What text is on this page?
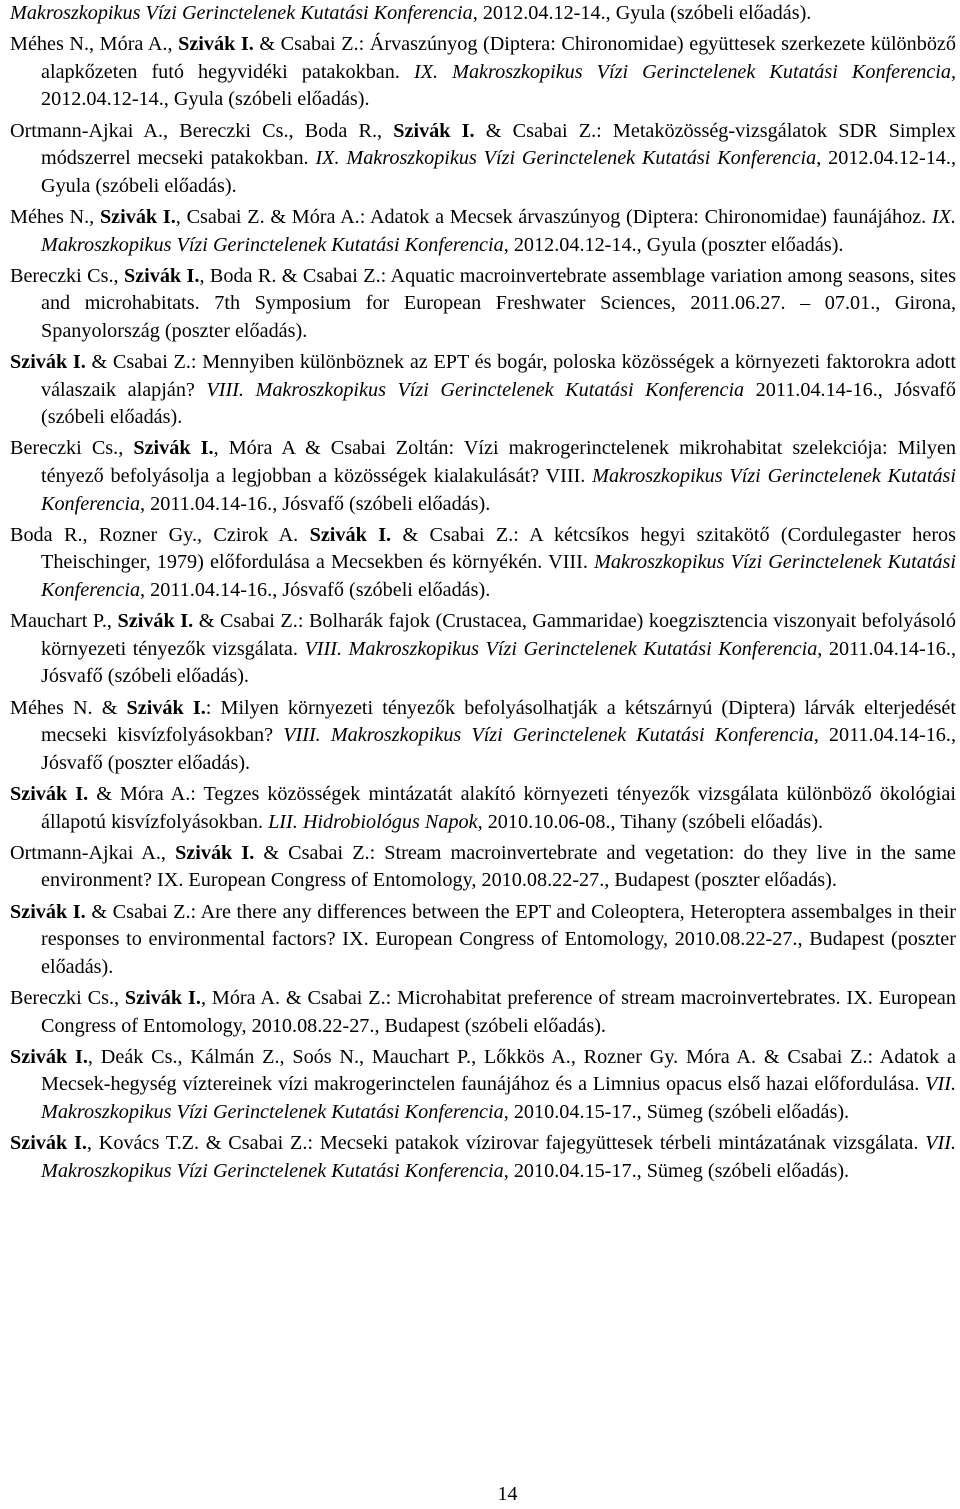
Makroszkopikus Vízi Gerinctelenek Kutatási Konferencia, 2012.04.12-14., Gyula (szóbeli előadás).

Méhes N., Móra A., Szivák I. & Csabai Z.: Árvaszúnyog (Diptera: Chironomidae) együttesek szerkezete különböző alapkőzeten futó hegyvidéki patakokban. IX. Makroszkopikus Vízi Gerinctelenek Kutatási Konferencia, 2012.04.12-14., Gyula (szóbeli előadás).

Ortmann-Ajkai A., Bereczki Cs., Boda R., Szivák I. & Csabai Z.: Metaközösség-vizsgálatok SDR Simplex módszerrel mecseki patakokban. IX. Makroszkopikus Vízi Gerinctelenek Kutatási Konferencia, 2012.04.12-14., Gyula (szóbeli előadás).

Méhes N., Szivák I., Csabai Z. & Móra A.: Adatok a Mecsek árvaszúnyog (Diptera: Chironomidae) faunájához. IX. Makroszkopikus Vízi Gerinctelenek Kutatási Konferencia, 2012.04.12-14., Gyula (poszter előadás).

Bereczki Cs., Szivák I., Boda R. & Csabai Z.: Aquatic macroinvertebrate assemblage variation among seasons, sites and microhabitats. 7th Symposium for European Freshwater Sciences, 2011.06.27. – 07.01., Girona, Spanyolország (poszter előadás).

Szivák I. & Csabai Z.: Mennyiben különböznek az EPT és bogár, poloska közösségek a környezeti faktorokra adott válaszaik alapján? VIII. Makroszkopikus Vízi Gerinctelenek Kutatási Konferencia 2011.04.14-16., Jósvafő (szóbeli előadás).

Bereczki Cs., Szivák I., Móra A & Csabai Zoltán: Vízi makrogerinctelenek mikrohabitat szelekciója: Milyen tényező befolyásolja a legjobban a közösségek kialakulását? VIII. Makroszkopikus Vízi Gerinctelenek Kutatási Konferencia, 2011.04.14-16., Jósvafő (szóbeli előadás).

Boda R., Rozner Gy., Czirok A. Szivák I. & Csabai Z.: A kétcsíkos hegyi szitakötő (Cordulegaster heros Theischinger, 1979) előfordulása a Mecsekben és környékén. VIII. Makroszkopikus Vízi Gerinctelenek Kutatási Konferencia, 2011.04.14-16., Jósvafő (szóbeli előadás).

Mauchart P., Szivák I. & Csabai Z.: Bolharák fajok (Crustacea, Gammaridae) koegzisztencia viszonyait befolyásoló környezeti tényezők vizsgálata. VIII. Makroszkopikus Vízi Gerinctelenek Kutatási Konferencia, 2011.04.14-16., Jósvafő (szóbeli előadás).

Méhes N. & Szivák I.: Milyen környezeti tényezők befolyásolhatják a kétszárnyú (Diptera) lárvák elterjedését mecseki kisvízfolyásokban? VIII. Makroszkopikus Vízi Gerinctelenek Kutatási Konferencia, 2011.04.14-16., Jósvafő (poszter előadás).

Szivák I. & Móra A.: Tegzes közösségek mintázatát alakító környezeti tényezők vizsgálata különböző ökológiai állapotú kisvízfolyásokban. LII. Hidrobiológus Napok, 2010.10.06-08., Tihany (szóbeli előadás).

Ortmann-Ajkai A., Szivák I. & Csabai Z.: Stream macroinvertebrate and vegetation: do they live in the same environment? IX. European Congress of Entomology, 2010.08.22-27., Budapest (poszter előadás).

Szivák I. & Csabai Z.: Are there any differences between the EPT and Coleoptera, Heteroptera assembalges in their responses to environmental factors? IX. European Congress of Entomology, 2010.08.22-27., Budapest (poszter előadás).

Bereczki Cs., Szivák I., Móra A. & Csabai Z.: Microhabitat preference of stream macroinvertebrates. IX. European Congress of Entomology, 2010.08.22-27., Budapest (szóbeli előadás).

Szivák I., Deák Cs., Kálmán Z., Soós N., Mauchart P., Lőkkös A., Rozner Gy. Móra A. & Csabai Z.: Adatok a Mecsek-hegység víztereinek vízi makrogerinctelen faunájához és a Limnius opacus első hazai előfordulása. VII. Makroszkopikus Vízi Gerinctelenek Kutatási Konferencia, 2010.04.15-17., Sümeg (szóbeli előadás).

Szivák I., Kovács T.Z. & Csabai Z.: Mecseki patakok vízirovar fajegyüttesek térbeli mintázatának vizsgálata. VII. Makroszkopikus Vízi Gerinctelenek Kutatási Konferencia, 2010.04.15-17., Sümeg (szóbeli előadás).

14
